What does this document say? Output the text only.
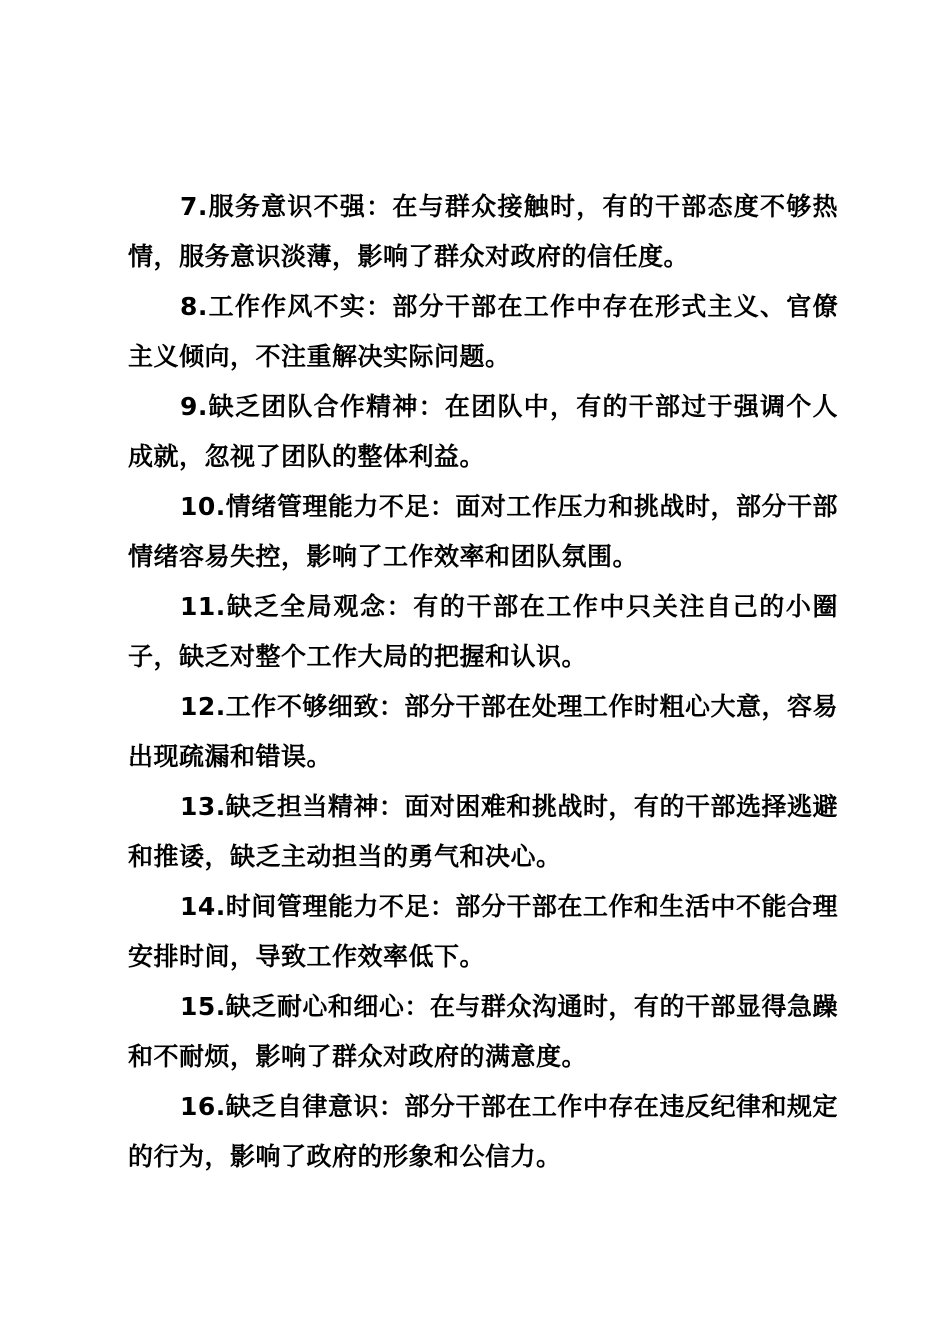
7.服务意识不强：在与群众接触时，有的干部态度不够热情，服务意识淡薄，影响了群众对政府的信任度。

8.工作作风不实：部分干部在工作中存在形式主义、官僚主义倾向，不注重解决实际问题。

9.缺乏团队合作精神：在团队中，有的干部过于强调个人成就，忽视了团队的整体利益。

10.情绪管理能力不足：面对工作压力和挑战时，部分干部情绪容易失控，影响了工作效率和团队氛围。

11.缺乏全局观念：有的干部在工作中只关注自己的小圈子，缺乏对整个工作大局的把握和认识。

12.工作不够细致：部分干部在处理工作时粗心大意，容易出现疏漏和错误。

13.缺乏担当精神：面对困难和挑战时，有的干部选择逃避和推诿，缺乏主动担当的勇气和决心。

14.时间管理能力不足：部分干部在工作和生活中不能合理安排时间，导致工作效率低下。

15.缺乏耐心和细心：在与群众沟通时，有的干部显得急躁和不耐烦，影响了群众对政府的满意度。

16.缺乏自律意识：部分干部在工作中存在违反纪律和规定的行为，影响了政府的形象和公信力。
